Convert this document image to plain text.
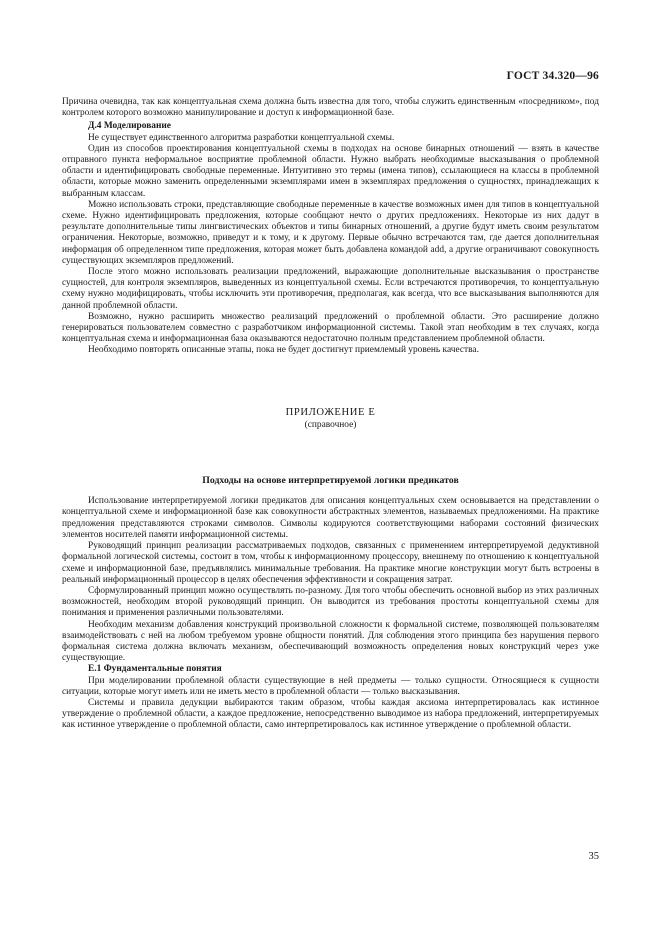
ГОСТ 34.320—96

Причина очевидна, так как концептуальная схема должна быть известна для того, чтобы служить единственным «посредником», под контролем которого возможно манипулирование и доступ к информационной базе.

Д.4 Моделирование

Не существует единственного алгоритма разработки концептуальной схемы.

Один из способов проектирования концептуальной схемы в подходах на основе бинарных отношений — взять в качестве отправного пункта неформальное восприятие проблемной области. Нужно выбрать необходимые высказывания о проблемной области и идентифицировать свободные переменные. Интуитивно это термы (имена типов), ссылающиеся на классы в проблемной области, которые можно заменить определенными экземплярами имен в экземплярах предложения о сущностях, принадлежащих к выбранным классам.

Можно использовать строки, представляющие свободные переменные в качестве возможных имен для типов в концептуальной схеме. Нужно идентифицировать предложения, которые сообщают нечто о других предложениях. Некоторые из них дадут в результате дополнительные типы лингвистических объектов и типы бинарных отношений, а другие будут иметь своим результатом ограничения. Некоторые, возможно, приведут и к тому, и к другому. Первые обычно встречаются там, где дается дополнительная информация об определенном типе предложения, которая может быть добавлена командой add, а другие ограничивают совокупность существующих экземпляров предложений.

После этого можно использовать реализации предложений, выражающие дополнительные высказывания о пространстве сущностей, для контроля экземпляров, выведенных из концептуальной схемы. Если встречаются противоречия, то концептуальную схему нужно модифицировать, чтобы исключить эти противоречия, предполагая, как всегда, что все высказывания выполняются для данной проблемной области.

Возможно, нужно расширить множество реализаций предложений о проблемной области. Это расширение должно генерироваться пользователем совместно с разработчиком информационной системы. Такой этап необходим в тех случаях, когда концептуальная схема и информационная база оказываются недостаточно полным представлением проблемной области.

Необходимо повторять описанные этапы, пока не будет достигнут приемлемый уровень качества.

ПРИЛОЖЕНИЕ Е
(справочное)
Подходы на основе интерпретируемой логики предикатов

Использование интерпретируемой логики предикатов для описания концептуальных схем основывается на представлении о концептуальной схеме и информационной базе как совокупности абстрактных элементов, называемых предложениями. На практике предложения представляются строками символов. Символы кодируются соответствующими наборами состояний физических элементов носителей памяти информационной системы.

Руководящий принцип реализации рассматриваемых подходов, связанных с применением интерпретируемой дедуктивной формальной логической системы, состоит в том, чтобы к информационному процессору, внешнему по отношению к концептуальной схеме и информационной базе, предъявлялись минимальные требования. На практике многие конструкции могут быть встроены в реальный информационный процессор в целях обеспечения эффективности и сокращения затрат.

Сформулированный принцип можно осуществлять по-разному. Для того чтобы обеспечить основной выбор из этих различных возможностей, необходим второй руководящий принцип. Он выводится из требования простоты концептуальной схемы для понимания и применения различными пользователями.

Необходим механизм добавления конструкций произвольной сложности к формальной системе, позволяющей пользователям взаимодействовать с ней на любом требуемом уровне общности понятий. Для соблюдения этого принципа без нарушения первого формальная система должна включать механизм, обеспечивающий возможность определения новых конструкций через уже существующие.

Е.1 Фундаментальные понятия

При моделировании проблемной области существующие в ней предметы — только сущности. Относящиеся к сущности ситуации, которые могут иметь или не иметь место в проблемной области — только высказывания.

Системы и правила дедукции выбираются таким образом, чтобы каждая аксиома интерпретировалась как истинное утверждение о проблемной области, а каждое предложение, непосредственно выводимое из набора предложений, интерпретируемых как истинное утверждение о проблемной области, само интерпретировалось как истинное утверждение о проблемной области.

35
